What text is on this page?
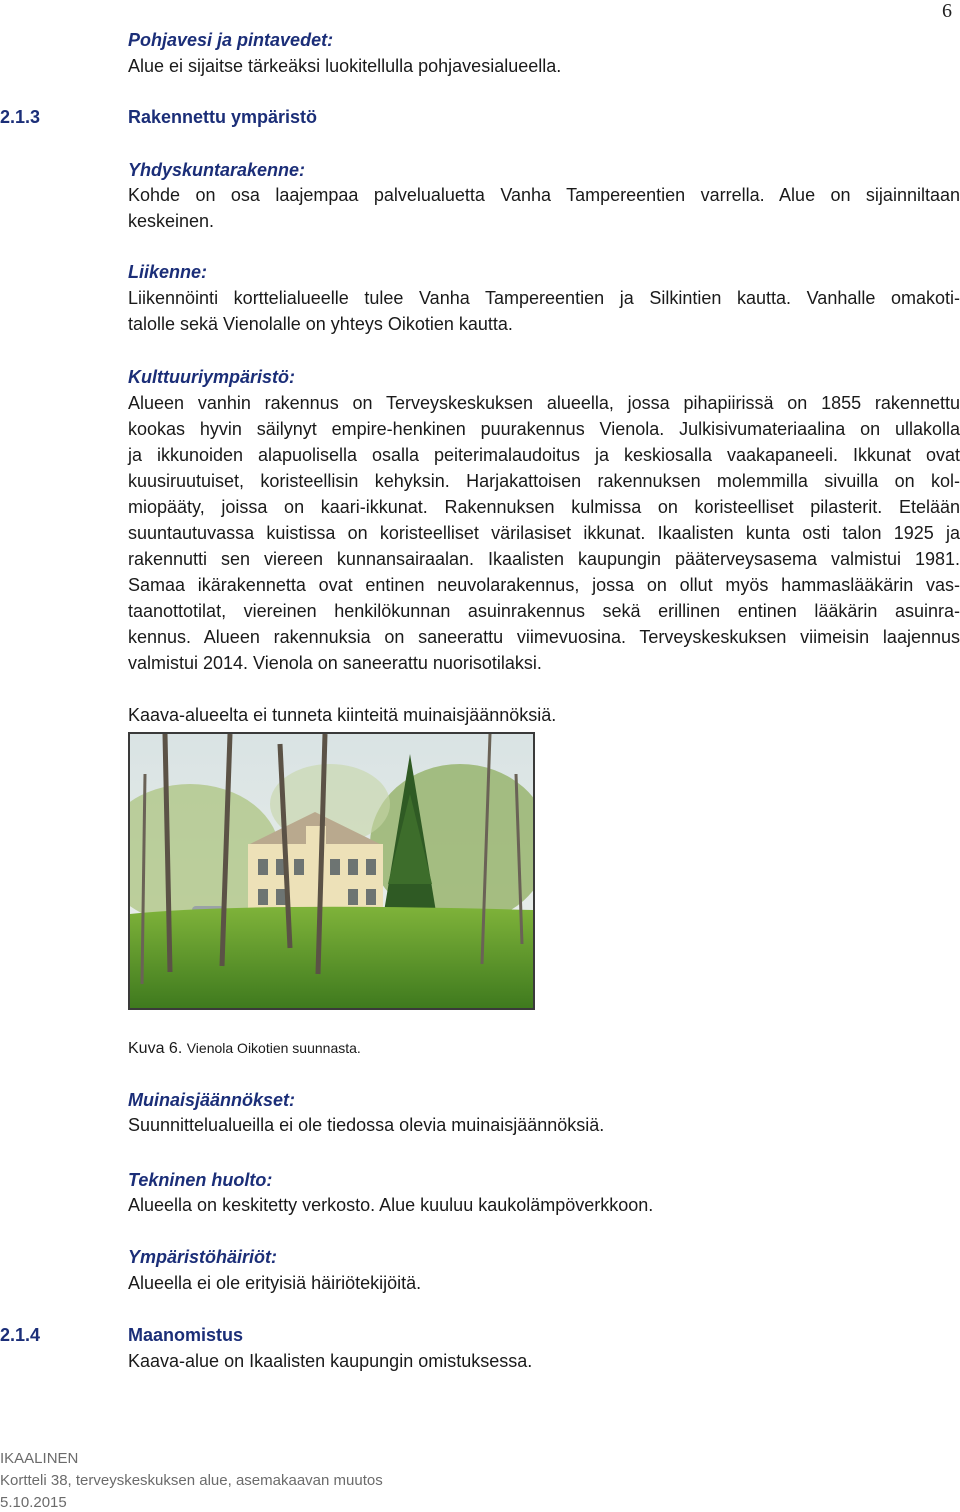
6
Pohjavesi ja pintavedet:
Alue ei sijaitse tärkeäksi luokitellulla pohjavesialueella.
2.1.3	Rakennettu ympäristö
Yhdyskuntarakenne:
Kohde on osa laajempaa palvelualuetta Vanha Tampereentien varrella. Alue on sijainniltaan
keskeinen.
Liikenne:
Liikennöinti korttelialueelle tulee Vanha Tampereentien ja Silkintien kautta. Vanhalle omakoti-
talolle sekä Vienolalle on yhteys Oikotien kautta.
Kulttuuriympäristö:
Alueen vanhin rakennus on Terveyskeskuksen alueella, jossa pihapiirissä on 1855 rakennettu
kookas hyvin säilynyt empire-henkinen puurakennus Vienola. Julkisivumateriaalina on ullakolla
ja ikkunoiden alapuolisella osalla peiterimalaudoitus ja keskiosalla vaakapaneeli. Ikkunat ovat
kuusiruutuiset, koristeellisin kehyksin. Harjakattoisen rakennuksen molemmilla sivuilla on kol-
miopääty, joissa on kaari-ikkunat. Rakennuksen kulmissa on koristeelliset pilasterit. Etelään
suuntautuvassa kuistissa on koristeelliset värilasiset ikkunat. Ikaalisten kunta osti talon 1925 ja
rakennutti sen viereen kunnansairaalan. Ikaalisten kaupungin pääterveysasema valmistui 1981.
Samaa ikärakennetta ovat entinen neuvolarakennus, jossa on ollut myös hammaslääkärin vas-
taanottotilat, viereinen henkilökunnan asuinrakennus sekä erillinen entinen lääkärin asuinra-
kennus. Alueen rakennuksia on saneerattu viimevuosina. Terveyskeskuksen viimeisin laajennus
valmistui 2014. Vienola on saneerattu nuorisotilaksi.
Kaava-alueelta ei tunneta kiinteitä muinaisjäännöksiä.
Kuva 6. Vienola Oikotien suunnasta.
Muinaisjäännökset:
Suunnittelualueilla ei ole tiedossa olevia muinaisjäännöksiä.
Tekninen huolto:
Alueella on keskitetty verkosto. Alue kuuluu kaukolämpöverkkoon.
Ympäristöhäiriöt:
Alueella ei ole erityisiä häiriötekijöitä.
2.1.4	Maanomistus
Kaava-alue on Ikaalisten kaupungin omistuksessa.
IKAALINEN
Kortteli 38, terveyskeskuksen alue, asemakaavan muutos
5.10.2015
